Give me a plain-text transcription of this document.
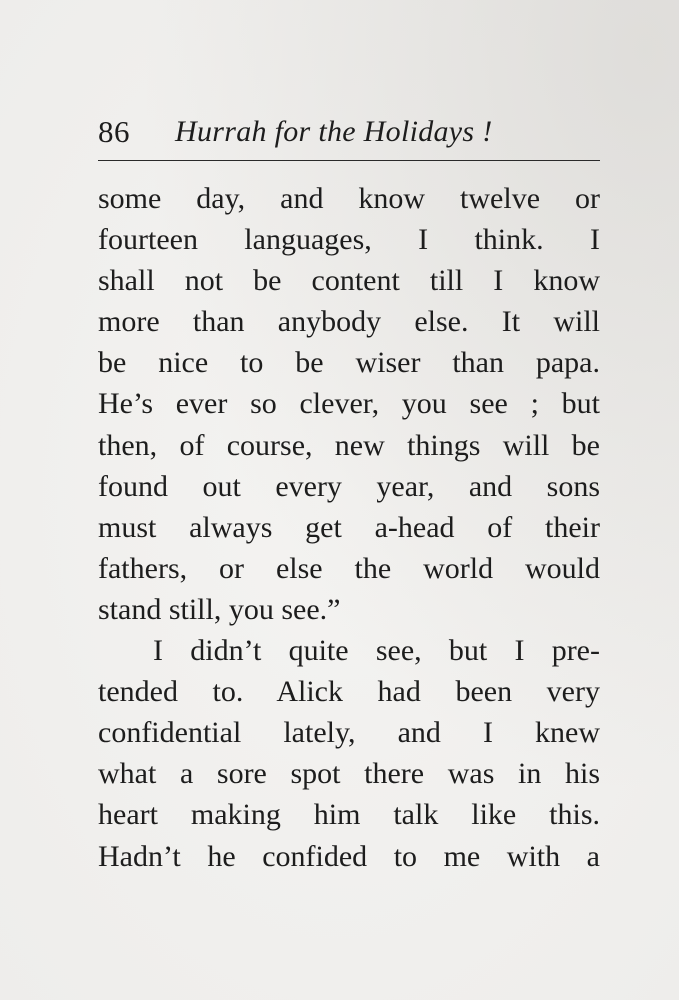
86 Hurrah for the Holidays !
some day, and know twelve or
fourteen languages, I think. I
shall not be content till I know
more than anybody else. It will
be nice to be wiser than papa.
He’s ever so clever, you see ; but
then, of course, new things will be
found out every year, and sons
must always get a-head of their
fathers, or else the world would
stand still, you see.”
I didn’t quite see, but I pre-
tended to. Alick had been very
confidential lately, and I knew
what a sore spot there was in his
heart making him talk like this.
Hadn’t he confided to me with a
